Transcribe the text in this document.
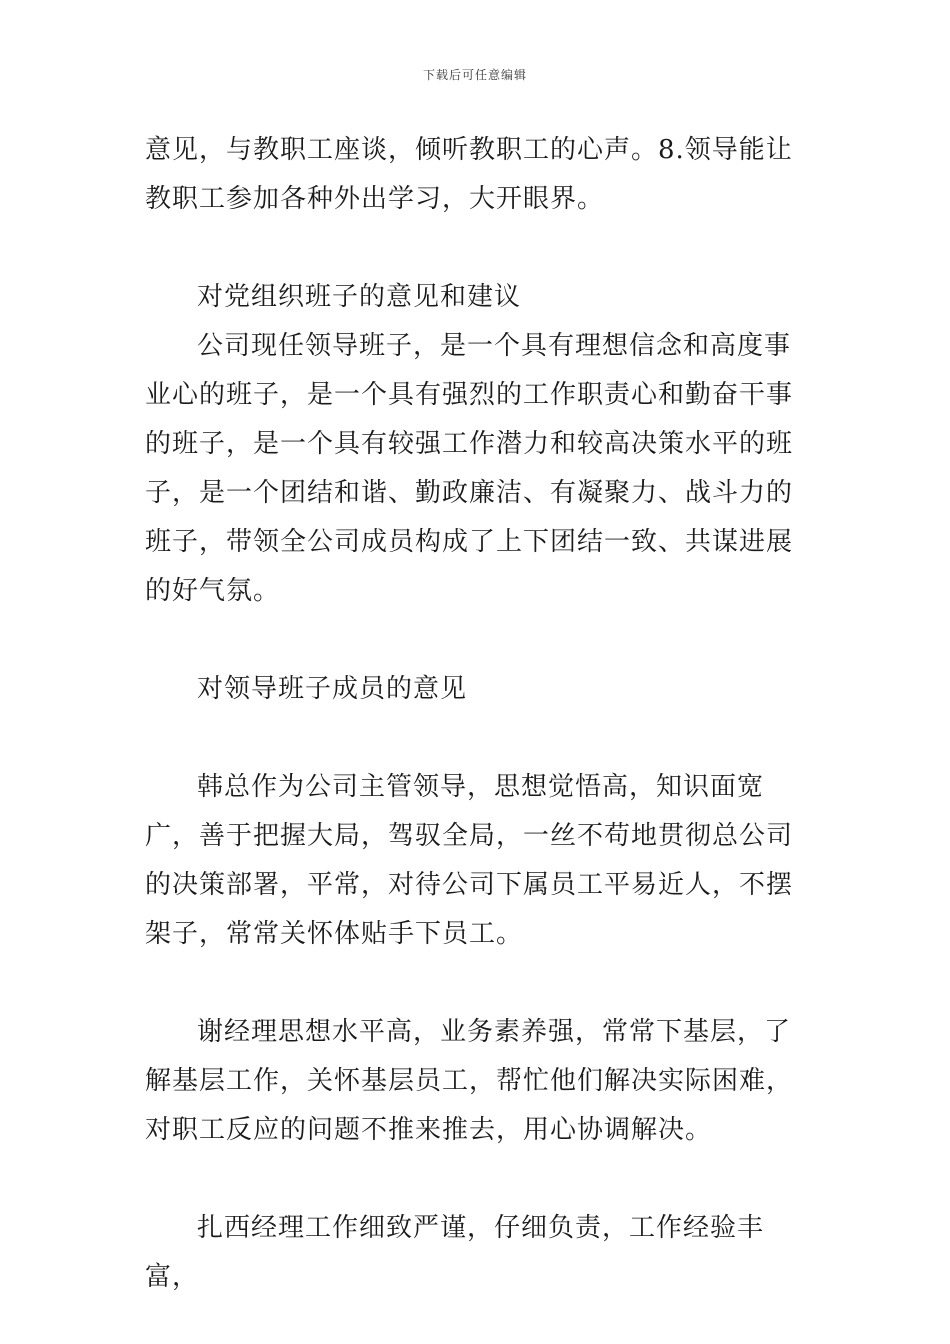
下载后可任意编辑

意见，与教职工座谈，倾听教职工的心声。8.领导能让教职工参加各种外出学习，大开眼界。

对党组织班子的意见和建议

公司现任领导班子，是一个具有理想信念和高度事业心的班子，是一个具有强烈的工作职责心和勤奋干事的班子，是一个具有较强工作潜力和较高决策水平的班子，是一个团结和谐、勤政廉洁、有凝聚力、战斗力的班子，带领全公司成员构成了上下团结一致、共谋进展的好气氛。

对领导班子成员的意见

韩总作为公司主管领导，思想觉悟高，知识面宽广，善于把握大局，驾驭全局，一丝不苟地贯彻总公司的决策部署，平常，对待公司下属员工平易近人，不摆架子，常常关怀体贴手下员工。

谢经理思想水平高，业务素养强，常常下基层，了解基层工作，关怀基层员工，帮忙他们解决实际困难，对职工反应的问题不推来推去，用心协调解决。

扎西经理工作细致严谨，仔细负责，工作经验丰富，
